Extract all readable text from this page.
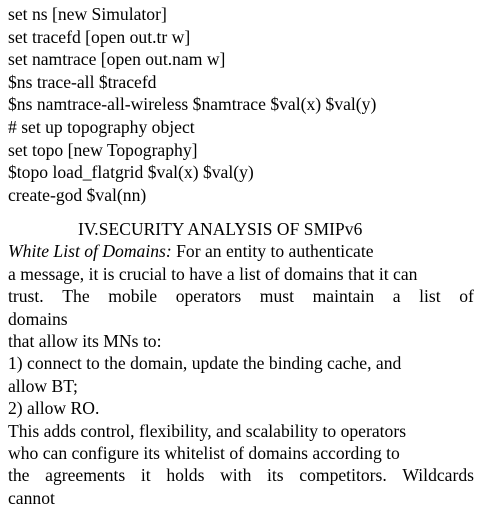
set ns [new Simulator]
set tracefd [open out.tr w]
set namtrace [open out.nam w]
$ns trace-all $tracefd
$ns namtrace-all-wireless $namtrace $val(x) $val(y)
# set up topography object
set topo [new Topography]
$topo load_flatgrid $val(x) $val(y)
create-god $val(nn)
IV.SECURITY ANALYSIS OF SMIPv6
White List of Domains: For an entity to authenticate
a message, it is crucial to have a list of domains that it can
trust. The mobile operators must maintain a list of
domains
that allow its MNs to:
1) connect to the domain, update the binding cache, and
allow BT;
2) allow RO.
This adds control, flexibility, and scalability to operators
who can configure its whitelist of domains according to
the agreements it holds with its competitors. Wildcards
cannot
